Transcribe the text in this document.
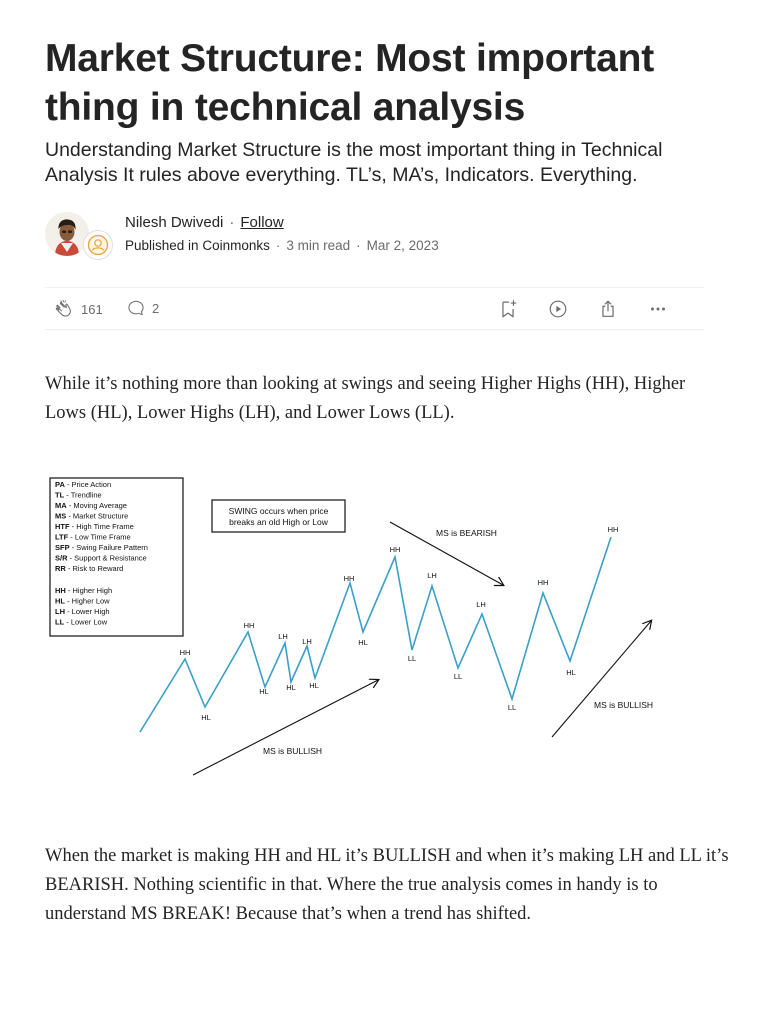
Market Structure: Most important thing in technical analysis

Understanding Market Structure is the most important thing in Technical Analysis It rules above everything. TL’s, MA’s, Indicators. Everything.

Nilesh Dwivedi · Follow
Published in Coinmonks · 3 min read · Mar 2, 2023
161	2

While it’s nothing more than looking at swings and seeing Higher Highs (HH), Higher Lows (HL), Lower Highs (LH), and Lower Lows (LL).

PA - Price Action
TL - Trendline
MA - Moving Average
MS - Market Structure
HTF - High Time Frame
LTF - Low Time Frame
SFP - Swing Failure Pattern
S/R - Support & Resistance
RR - Risk to Reward
HH - Higher High
HL - Higher Low
LH - Lower High
LL - Lower Low
SWING occurs when price
breaks an old High or Low
HH
HL
HH
HL
LH
HL
LH
HL
HH
HL
HH
LL
LH
LL
LH
LL
HH
HL
HH
MS is BULLISH
MS is BEARISH
MS is BULLISH

When the market is making HH and HL it’s BULLISH and when it’s making LH and LL it’s BEARISH. Nothing scientific in that. Where the true analysis comes in handy is to understand MS BREAK! Because that’s when a trend has shifted.
